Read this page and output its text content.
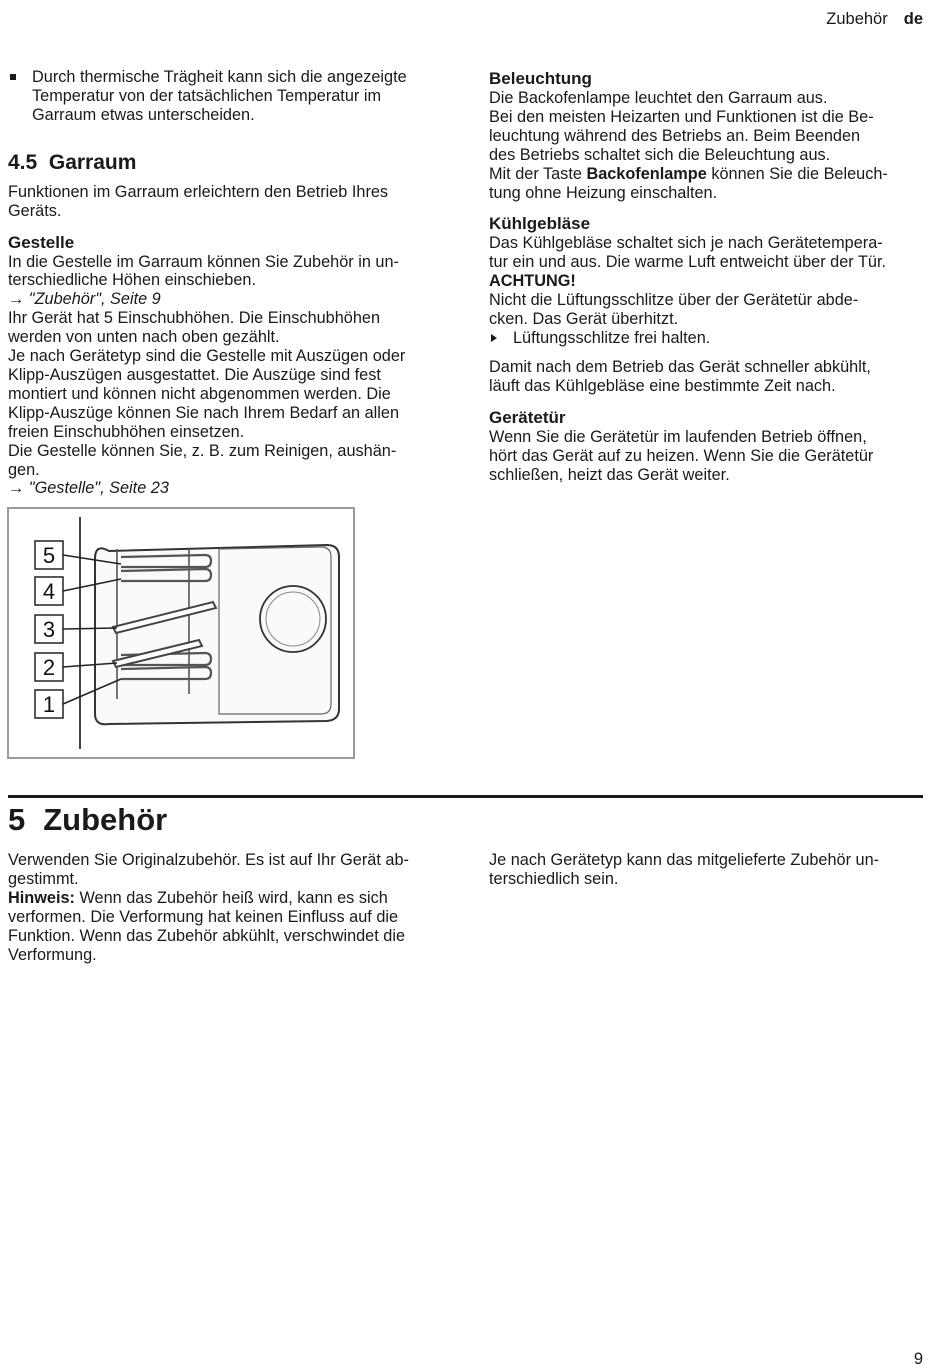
Zubehör de
Durch thermische Trägheit kann sich die angezeigte Temperatur von der tatsächlichen Temperatur im Garraum etwas unterscheiden.
4.5 Garraum

Funktionen im Garraum erleichtern den Betrieb Ihres

Geräts.

Gestelle

In die Gestelle im Garraum können Sie Zubehör in un-

terschiedliche Höhen einschieben.

→ "Zubehör", Seite 9

Ihr Gerät hat 5 Einschubhöhen. Die Einschubhöhen

werden von unten nach oben gezählt.

Je nach Gerätetyp sind die Gestelle mit Auszügen oder

Klipp-Auszügen ausgestattet. Die Auszüge sind fest

montiert und können nicht abgenommen werden. Die

Klipp-Auszüge können Sie nach Ihrem Bedarf an allen

freien Einschubhöhen einsetzen.

Die Gestelle können Sie, z. B. zum Reinigen, aushän-

gen.

→ "Gestelle", Seite 23

Beleuchtung

Die Backofenlampe leuchtet den Garraum aus.

Bei den meisten Heizarten und Funktionen ist die Be-

leuchtung während des Betriebs an. Beim Beenden

des Betriebs schaltet sich die Beleuchtung aus.

Mit der Taste Backofenlampe können Sie die Beleuch-

tung ohne Heizung einschalten.

Kühlgebläse

Das Kühlgebläse schaltet sich je nach Gerätetempera-

tur ein und aus. Die warme Luft entweicht über der Tür.

ACHTUNG!

Nicht die Lüftungsschlitze über der Gerätetür abde-

cken. Das Gerät überhitzt.

Lüftungsschlitze frei halten.

Damit nach dem Betrieb das Gerät schneller abkühlt,

läuft das Kühlgebläse eine bestimmte Zeit nach.

Gerätetür

Wenn Sie die Gerätetür im laufenden Betrieb öffnen,

hört das Gerät auf zu heizen. Wenn Sie die Gerätetür

schließen, heizt das Gerät weiter.

5
4
3
2
1
5 Zubehör

Verwenden Sie Originalzubehör. Es ist auf Ihr Gerät ab-

gestimmt.

Hinweis: Wenn das Zubehör heiß wird, kann es sich

verformen. Die Verformung hat keinen Einfluss auf die

Funktion. Wenn das Zubehör abkühlt, verschwindet die

Verformung.

Je nach Gerätetyp kann das mitgelieferte Zubehör un-

terschiedlich sein.

9
